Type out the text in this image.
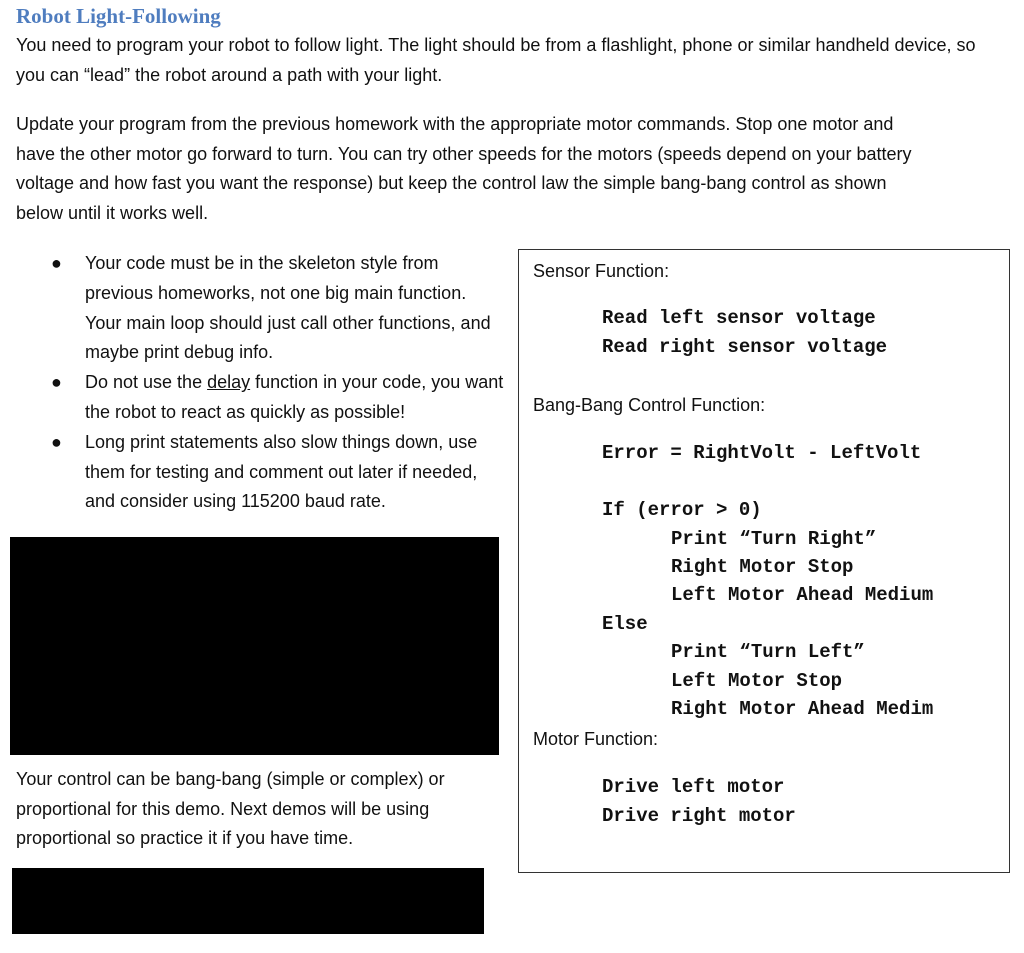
Robot Light-Following

You need to program your robot to follow light. The light should be from a flashlight, phone or similar handheld device, so you can “lead” the robot around a path with your light.

Update your program from the previous homework with the appropriate motor commands. Stop one motor and have the other motor go forward to turn. You can try other speeds for the motors (speeds depend on your battery voltage and how fast you want the response) but keep the control law the simple bang-bang control as shown below until it works well.

● Your code must be in the skeleton style from previous homeworks, not one big main function. Your main loop should just call other functions, and maybe print debug info.
● Do not use the delay function in your code, you want the robot to react as quickly as possible!
● Long print statements also slow things down, use them for testing and comment out later if needed, and consider using 115200 baud rate.

Your control can be bang-bang (simple or complex) or proportional for this demo. Next demos will be using proportional so practice it if you have time.

Sensor Function:

Read left sensor voltage
Read right sensor voltage

Bang-Bang Control Function:

Error = RightVolt - LeftVolt
If (error > 0)
Print “Turn Right”
Right Motor Stop
Left Motor Ahead Medium
Else
Print “Turn Left”
Left Motor Stop
Right Motor Ahead Medim

Motor Function:

Drive left motor
Drive right motor
